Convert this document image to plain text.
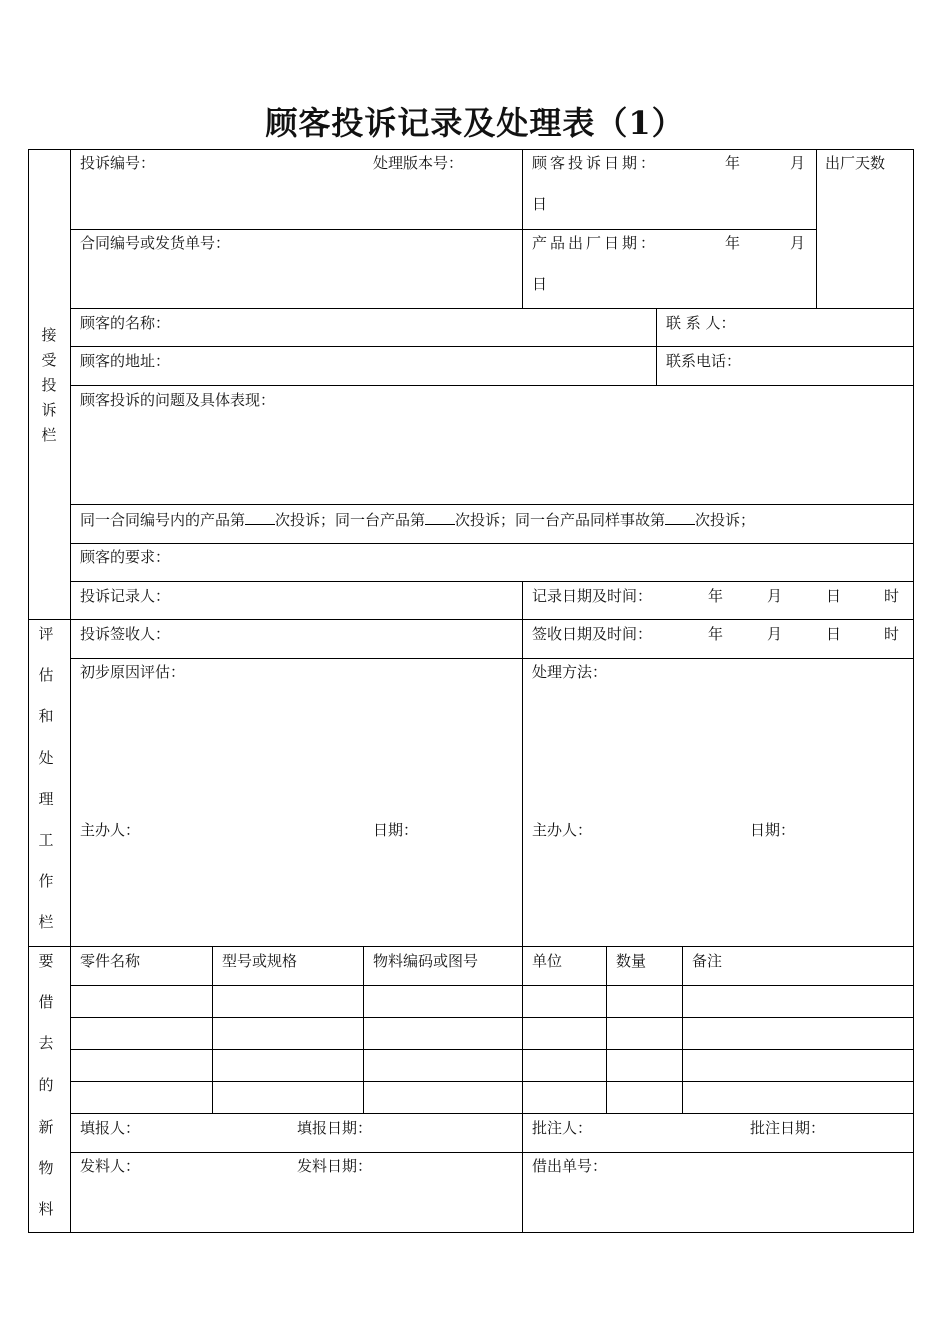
顾客投诉记录及处理表（1）
接
受
投
诉
栏
投诉编号：	处理版本号：	顾客投诉日期：	年	月
日
出厂天数
合同编号或发货单号：	产品出厂日期：	年	月
日
顾客的名称：	联 系 人：
顾客的地址：	联系电话：
顾客投诉的问题及具体表现：
同一合同编号内的产品第 次投诉；同一台产品第 次投诉；同一台产品同样事故第 次投诉；
顾客的要求：
投诉记录人：	记录日期及时间：	年	月	日	时
评
估
和
处
理
工
作
栏
投诉签收人：	签收日期及时间：	年	月	日	时
初步原因评估：	处理方法：
主办人：	日期：	主办人：	日期：
要
借
去
的
新
物
料
零件名称	型号或规格	物料编码或图号	单位	数量	备注
填报人：	填报日期：	批注人：	批注日期：
发料人：	发料日期：	借出单号：
